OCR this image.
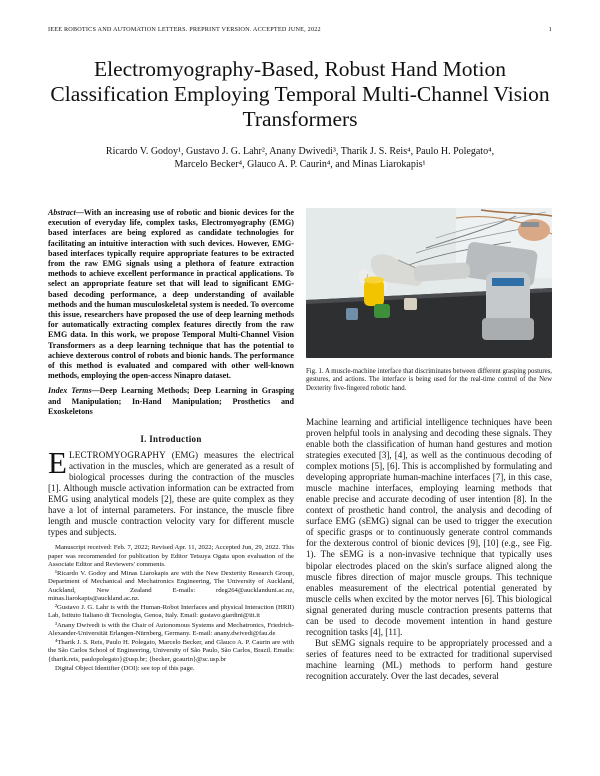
IEEE ROBOTICS AND AUTOMATION LETTERS. PREPRINT VERSION. ACCEPTED JUNE, 2022	1
Electromyography-Based, Robust Hand Motion Classification Employing Temporal Multi-Channel Vision Transformers
Ricardo V. Godoy¹, Gustavo J. G. Lahr², Anany Dwivedi³, Tharik J. S. Reis⁴, Paulo H. Polegato⁴,
Marcelo Becker⁴, Glauco A. P. Caurin⁴, and Minas Liarokapis¹

Abstract—With an increasing use of robotic and bionic devices for the execution of everyday life, complex tasks, Electromyography (EMG) based interfaces are being explored as candidate technologies for facilitating an intuitive interaction with such devices. However, EMG-based interfaces typically require appropriate features to be extracted from the raw EMG signals using a plethora of feature extraction methods to achieve excellent performance in practical applications. To select an appropriate feature set that will lead to significant EMG-based decoding performance, a deep understanding of available methods and the human musculoskeletal system is needed. To overcome this issue, researchers have proposed the use of deep learning methods for automatically extracting complex features directly from the raw EMG data. In this work, we propose Temporal Multi-Channel Vision Transformers as a deep learning technique that has the potential to achieve dexterous control of robots and bionic hands. The performance of this method is evaluated and compared with other well-known methods, employing the open-access Ninapro dataset.

Index Terms—Deep Learning Methods; Deep Learning in Grasping and Manipulation; In-Hand Manipulation; Prosthetics and Exoskeletons

I. Introduction

ELECTROMYOGRAPHY (EMG) measures the electrical activation in the muscles, which are generated as a result of biological processes during the contraction of the muscles [1]. Although muscle activation information can be extracted from EMG using analytical models [2], these are quite complex as they have a lot of internal parameters. For instance, the muscle fibre length and muscle contraction velocity vary for different muscle types and subjects.

Manuscript received: Feb. 7, 2022; Revised Apr. 11, 2022; Accepted Jun, 29, 2022. This paper was recommended for publication by Editor Tetsuya Ogata upon evaluation of the Associate Editor and Reviewers' comments.

¹Ricardo V. Godoy and Minas Liarokapis are with the New Dexterity Research Group, Department of Mechanical and Mechatronics Engineering, The University of Auckland, Auckland, New Zealand E-mails: rdeg264@aucklanduni.ac.nz, minas.liarokapis@auckland.ac.nz.

²Gustavo J. G. Lahr is with the Human-Robot Interfaces and physical Interaction (HRII) Lab, Istituto Italiano di Tecnologia, Genoa, Italy. Email: gustavo.giardini@iit.it

³Anany Dwivedi is with the Chair of Autonomous Systems and Mechatronics, Friedrich-Alexander-Universität Erlangen-Nürnberg, Germany. E-mail: anany.dwivedi@fau.de

⁴Tharik J. S. Reis, Paulo H. Polegato, Marcelo Becker, and Glauco A. P. Caurin are with the São Carlos School of Engineering, University of São Paulo, São Carlos, Brazil. Emails: {tharik.reis, paulopolegato}@usp.br; {becker, gcaurin}@sc.usp.br

Digital Object Identifier (DOI): see top of this page.

Fig. 1. A muscle-machine interface that discriminates between different grasping postures, gestures, and actions. The interface is being used for the real-time control of the New Dexterity five-fingered robotic hand.

Machine learning and artificial intelligence techniques have been proven helpful tools in analysing and decoding these signals. They enable both the classification of human hand gestures and motion strategies executed [3], [4], as well as the continuous decoding of complex motions [5], [6]. This is accomplished by formulating and developing appropriate human-machine interfaces [7], in this case, muscle machine interfaces, employing learning methods that enable precise and accurate decoding of user intention [8]. In the context of prosthetic hand control, the analysis and decoding of surface EMG (sEMG) signal can be used to trigger the execution of specific grasps or to continuously generate control commands for the dexterous control of bionic devices [9], [10] (e.g., see Fig. 1). The sEMG is a non-invasive technique that typically uses bipolar electrodes placed on the skin's surface aligned along the muscle fibres direction of major muscle groups. This technique enables measurement of the electrical potential generated by muscle cells when excited by the motor nerves [6]. This biological signal generated during muscle contraction presents patterns that can be used to decode movement intention in hand gesture recognition tasks [4], [11].

But sEMG signals require to be appropriately processed and a series of features need to be extracted for traditional supervised machine learning (ML) methods to perform hand gesture recognition accurately. Over the last decades, several
